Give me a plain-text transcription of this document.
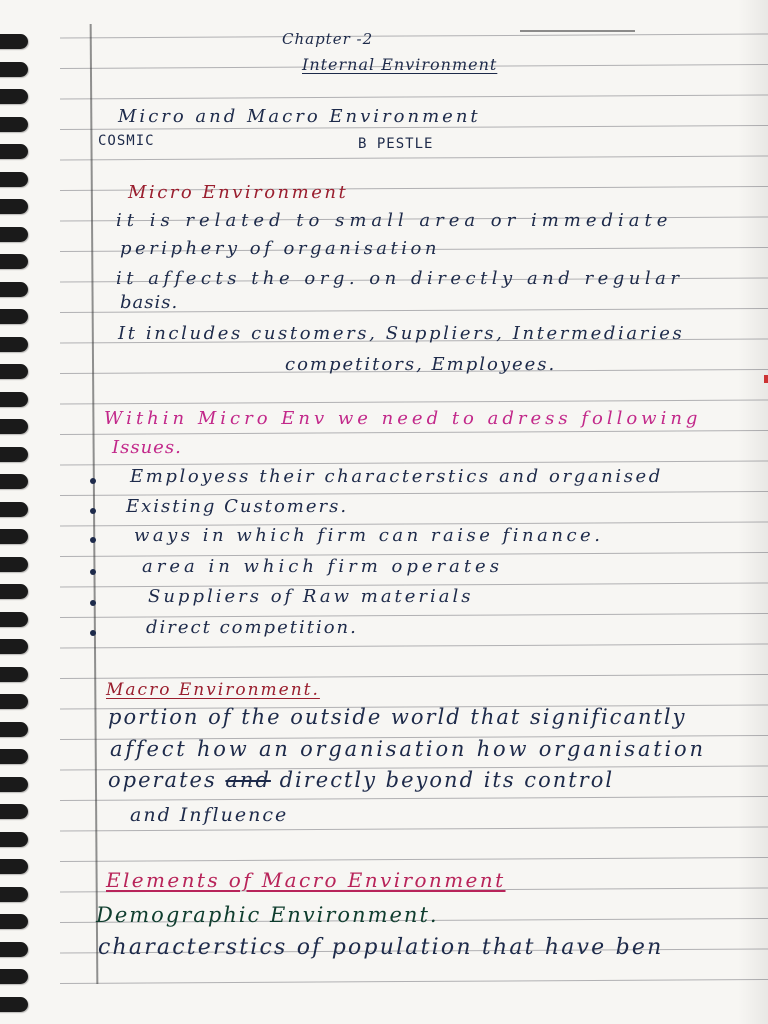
Chapter -2
Internal Environment
Micro and Macro Environment
COSMIC	B PESTLE
Micro Environment
it is related to small area or immediate
periphery of organisation
it affects the org. on directly and regular
basis.
It includes customers, Suppliers, Intermediaries
competitors, Employees.
Within Micro Env we need to adress following
Issues.
Employess their characterstics and organised
Existing Customers.
ways in which firm can raise finance.
area in which firm operates
Suppliers of Raw materials
direct competition.
Macro Environment.
portion of the outside world that significantly
affect how an organisation how organisation
operates and directly beyond its control
and Influence
Elements of Macro Environment
Demographic Environment.
characterstics of population that have ben
